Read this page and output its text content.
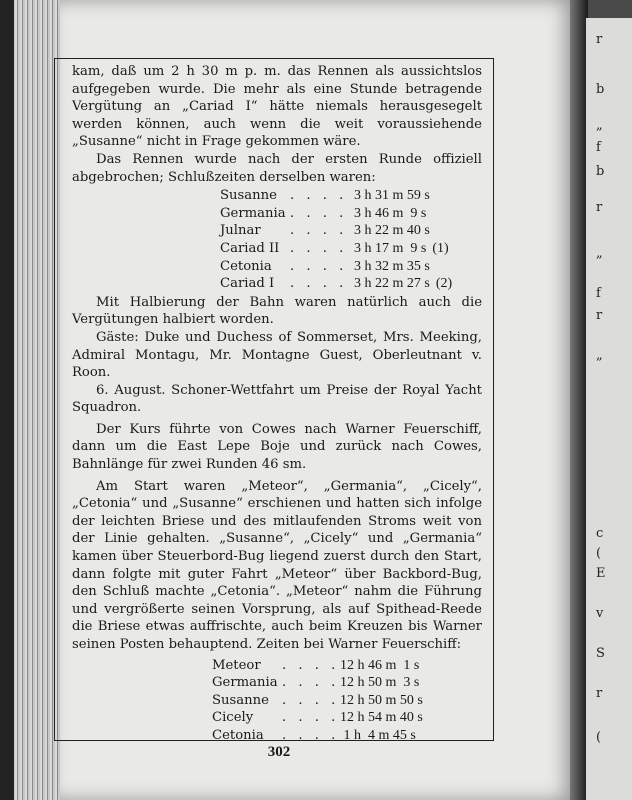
r
b
„
f
b
r
„
f
r
„
c
(
E
v
S
r
(

kam, daß um 2 h 30 m p. m. das Rennen als aussichtslos aufgegeben wurde. Die mehr als eine Stunde betragende Vergütung an „Cariad I“ hätte niemals herausgesegelt werden können, auch wenn die weit voraussiehende „Susanne“ nicht in Frage gekommen wäre.

Das Rennen wurde nach der ersten Runde offiziell abgebrochen; Schlußzeiten derselben waren:

Susanne . . . . 3 h 31 m 59 s
Germania . . . . 3 h 46 m  9 s
Julnar	. . . . 3 h 22 m 40 s
Cariad II . . . . 3 h 17 m  9 s (1)
Cetonia	. . . . 3 h 32 m 35 s
Cariad I	. . . . 3 h 22 m 27 s (2)

Mit Halbierung der Bahn waren natürlich auch die Vergütungen halbiert worden.

Gäste: Duke und Duchess of Sommerset, Mrs. Meeking, Admiral Montagu, Mr. Montagne Guest, Oberleutnant v. Roon.

6. August. Schoner-Wettfahrt um Preise der Royal Yacht Squadron.

Der Kurs führte von Cowes nach Warner Feuerschiff, dann um die East Lepe Boje und zurück nach Cowes, Bahnlänge für zwei Runden 46 sm.

Am Start waren „Meteor“, „Germania“, „Cicely“, „Cetonia“ und „Susanne“ erschienen und hatten sich infolge der leichten Briese und des mitlaufenden Stroms weit von der Linie gehalten. „Susanne“, „Cicely“ und „Germania“ kamen über Steuerbord-Bug liegend zuerst durch den Start, dann folgte mit guter Fahrt „Meteor“ über Backbord-Bug, den Schluß machte „Cetonia“. „Meteor“ nahm die Führung und vergrößerte seinen Vorsprung, als auf Spithead-Reede die Briese etwas auffrischte, auch beim Kreuzen bis Warner seinen Posten behauptend. Zeiten bei Warner Feuerschiff:

Meteor	. . . . 12 h 46 m  1 s
Germania . . . . 12 h 50 m  3 s
Susanne . . . . 12 h 50 m 50 s
Cicely	. . . . 12 h 54 m 40 s
Cetonia	. . . . 1 h  4 m 45 s
302
